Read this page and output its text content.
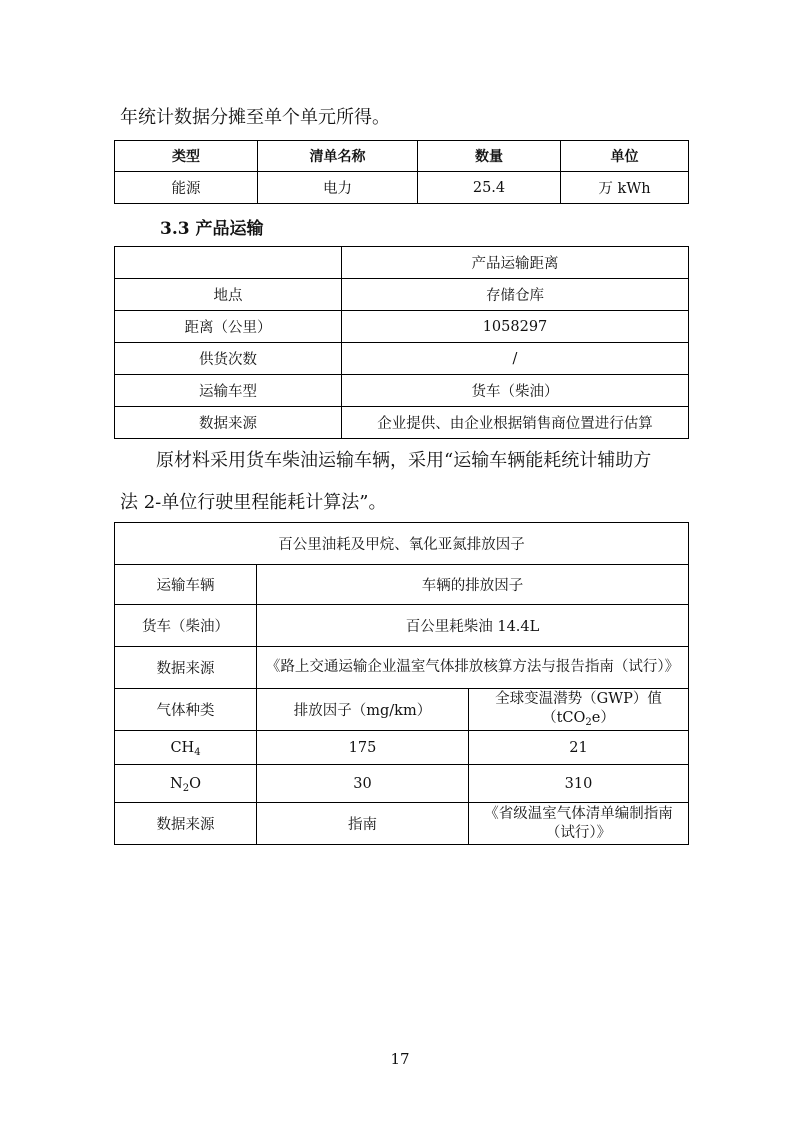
年统计数据分摊至单个单元所得。
类型	清单名称	数量	单位
能源	电力	25.4	万 kWh
3.3 产品运输
	产品运输距离
地点	存储仓库
距离（公里）	1058297
供货次数	/
运输车型	货车（柴油）
数据来源	企业提供、由企业根据销售商位置进行估算
原材料采用货车柴油运输车辆，采用“运输车辆能耗统计辅助方
法 2-单位行驶里程能耗计算法”。
百公里油耗及甲烷、氧化亚氮排放因子		
运输车辆	车辆的排放因子	
货车（柴油）	百公里耗柴油 14.4L	
数据来源	《路上交通运输企业温室气体排放核算方法与报告指南（试行）》	
气体种类	排放因子（mg/km）	全球变温潜势（GWP）值
（tCO$_2$e）
$CH_4$	175	21
$N_2O$	30	310
数据来源	指南	《省级温室气体清单编制指南（试行）》
17
